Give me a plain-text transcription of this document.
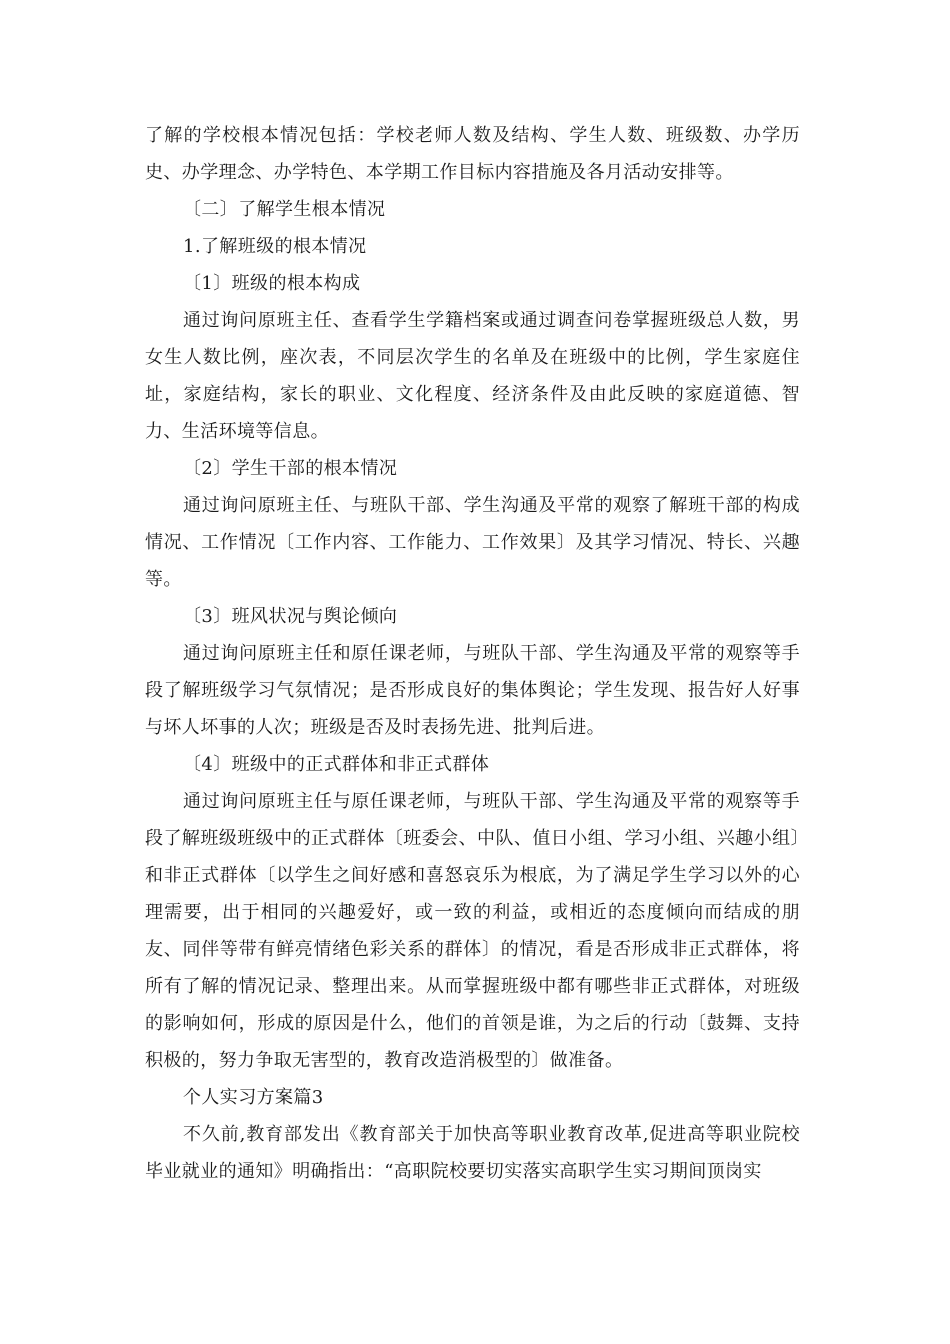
了解的学校根本情况包括：学校老师人数及结构、学生人数、班级数、办学历史、办学理念、办学特色、本学期工作目标内容措施及各月活动安排等。

〔二〕了解学生根本情况

1.了解班级的根本情况

〔1〕班级的根本构成

通过询问原班主任、查看学生学籍档案或通过调查问卷掌握班级总人数，男女生人数比例，座次表，不同层次学生的名单及在班级中的比例，学生家庭住址，家庭结构，家长的职业、文化程度、经济条件及由此反映的家庭道德、智力、生活环境等信息。

〔2〕学生干部的根本情况

通过询问原班主任、与班队干部、学生沟通及平常的观察了解班干部的构成情况、工作情况〔工作内容、工作能力、工作效果〕及其学习情况、特长、兴趣等。

〔3〕班风状况与舆论倾向

通过询问原班主任和原任课老师，与班队干部、学生沟通及平常的观察等手段了解班级学习气氛情况；是否形成良好的集体舆论；学生发现、报告好人好事与坏人坏事的人次；班级是否及时表扬先进、批判后进。

〔4〕班级中的正式群体和非正式群体

通过询问原班主任与原任课老师，与班队干部、学生沟通及平常的观察等手段了解班级班级中的正式群体〔班委会、中队、值日小组、学习小组、兴趣小组〕和非正式群体〔以学生之间好感和喜怒哀乐为根底，为了满足学生学习以外的心理需要，出于相同的兴趣爱好，或一致的利益，或相近的态度倾向而结成的朋友、同伴等带有鲜亮情绪色彩关系的群体〕的情况，看是否形成非正式群体，将所有了解的情况记录、整理出来。从而掌握班级中都有哪些非正式群体，对班级的影响如何，形成的原因是什么，他们的首领是谁，为之后的行动〔鼓舞、支持积极的，努力争取无害型的，教育改造消极型的〕做准备。

个人实习方案篇3

不久前,教育部发出《教育部关于加快高等职业教育改革,促进高等职业院校毕业就业的通知》明确指出：“高职院校要切实落实高职学生实习期间顶岗实
